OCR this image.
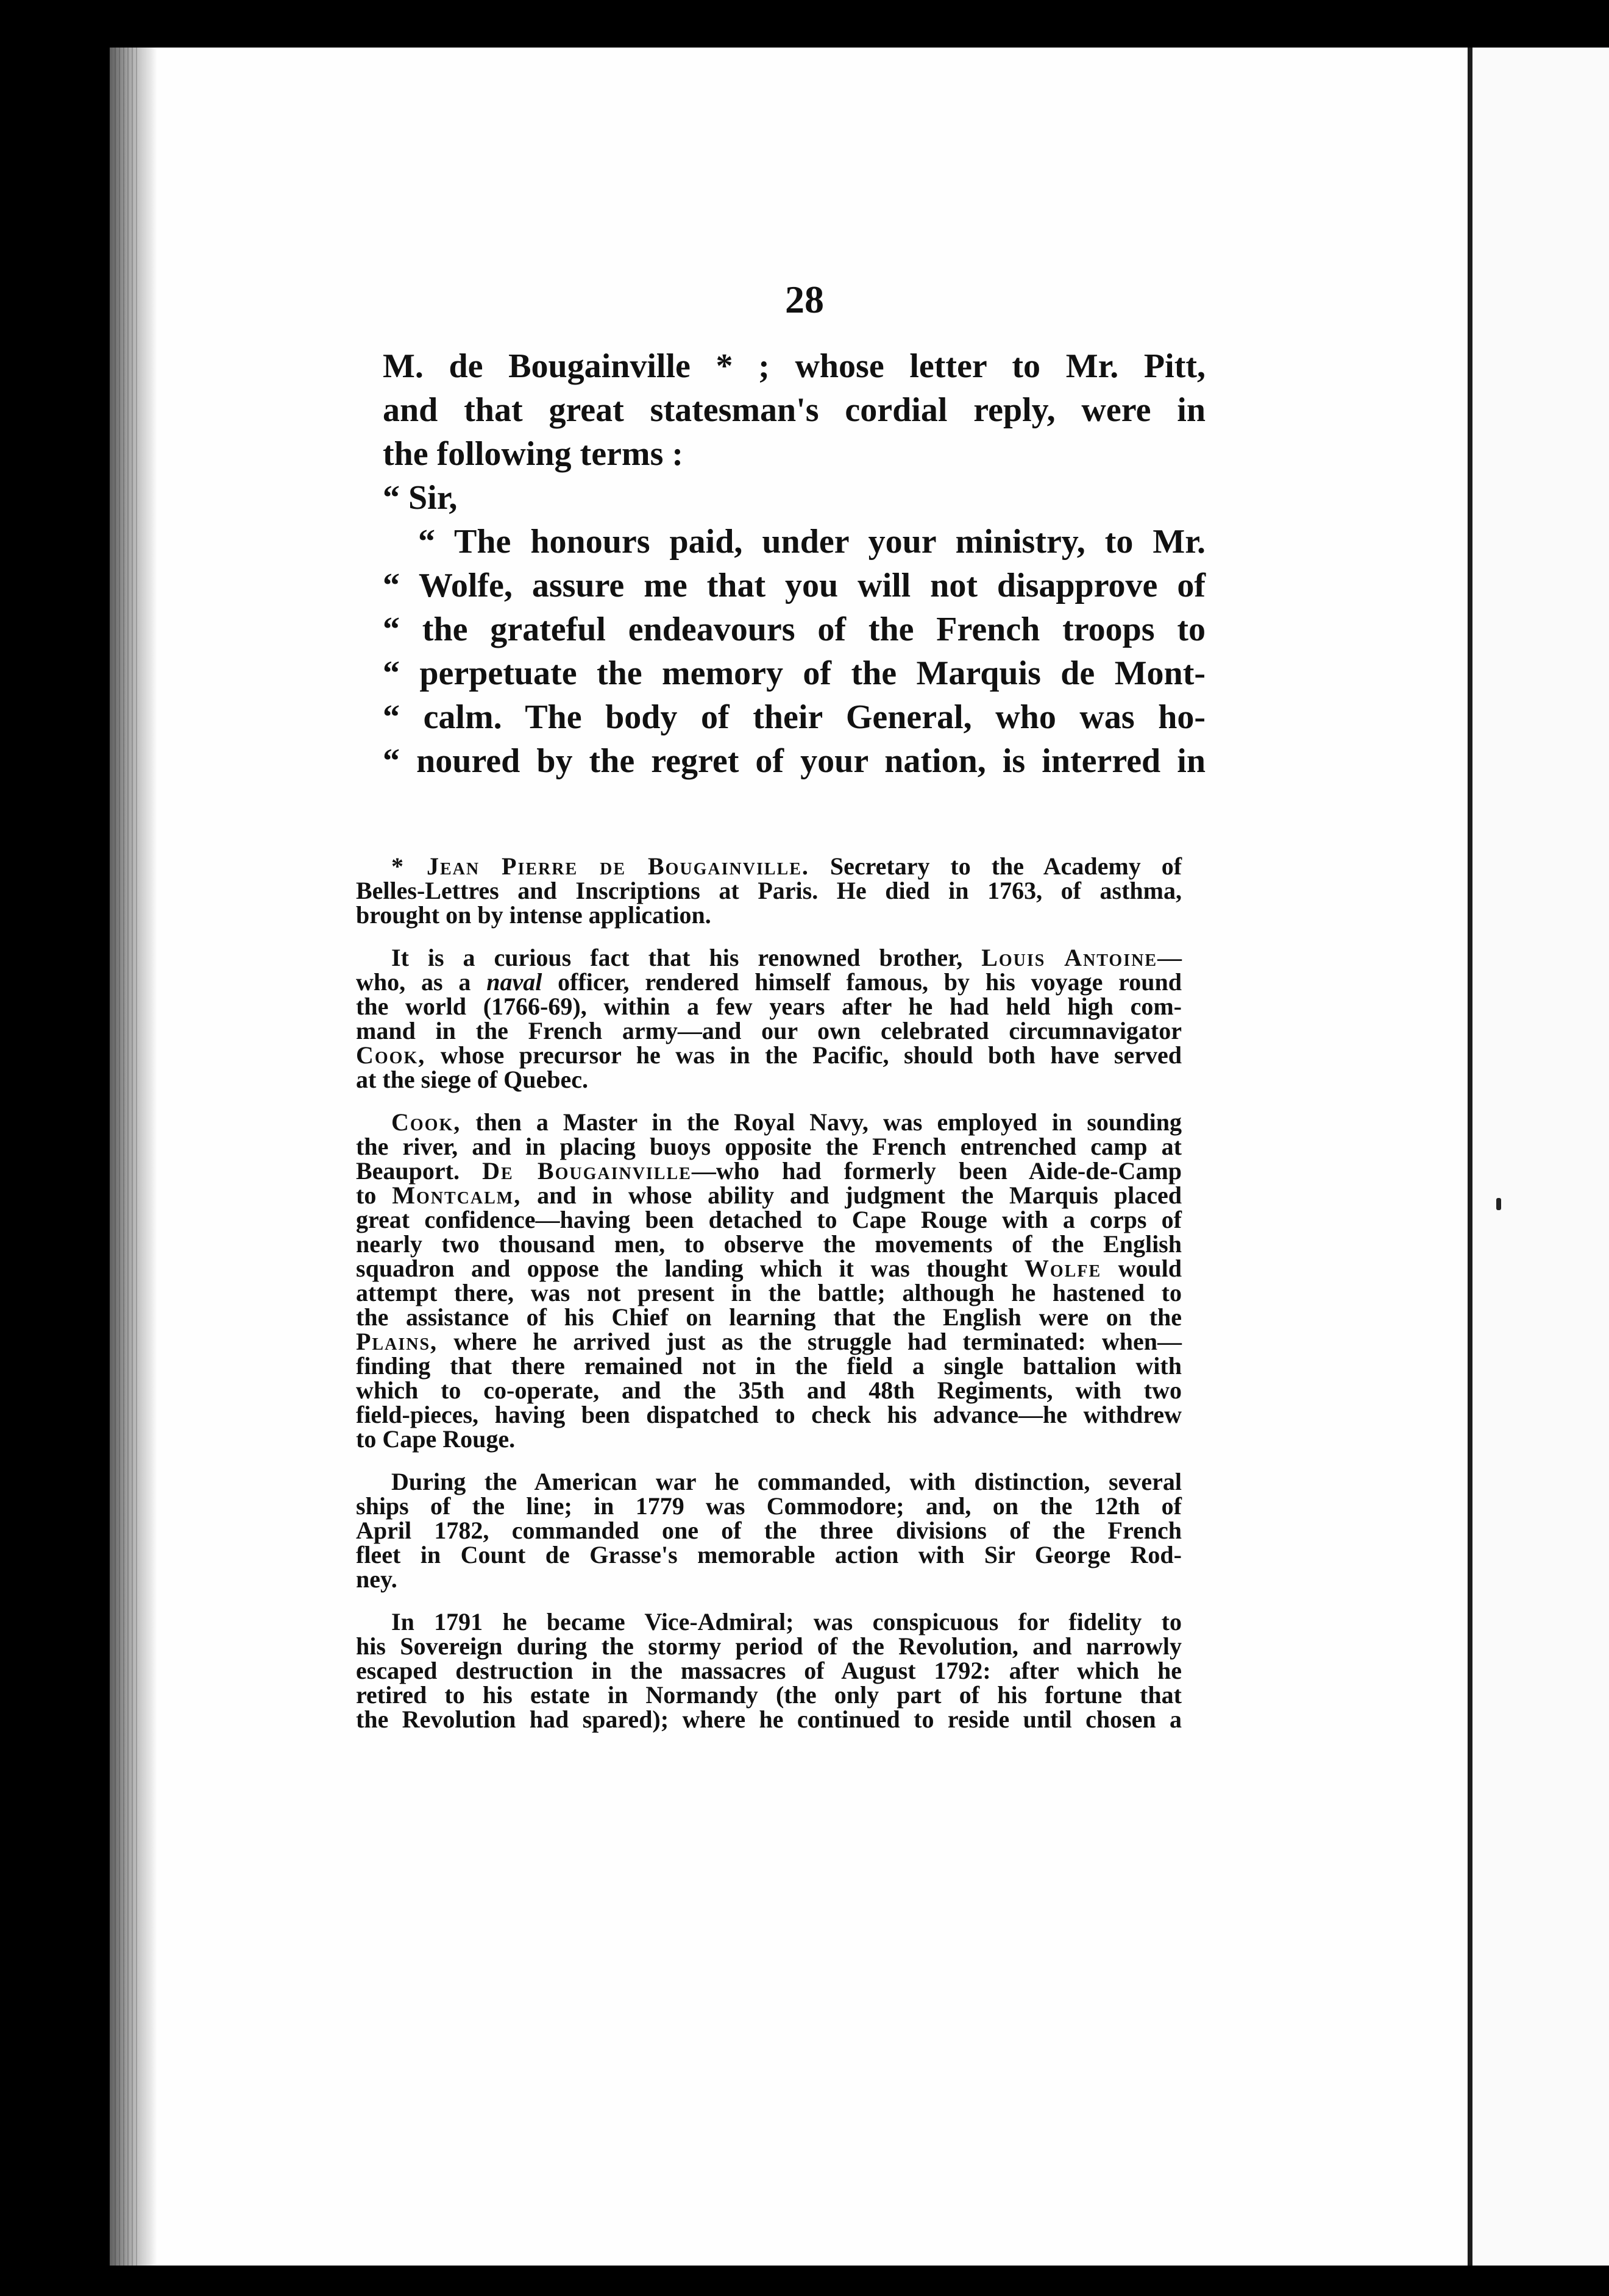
28
M. de Bougainville * ; whose letter to Mr. Pitt,
and that great statesman's cordial reply, were in
the following terms :
“ Sir,
“ The honours paid, under your ministry, to Mr.
“ Wolfe, assure me that you will not disapprove of
“ the grateful endeavours of the French troops to
“ perpetuate the memory of the Marquis de Mont-
“ calm. The body of their General, who was ho-
“ noured by the regret of your nation, is interred in
* Jean Pierre de Bougainville. Secretary to the Academy of
Belles-Lettres and Inscriptions at Paris. He died in 1763, of asthma,
brought on by intense application.
It is a curious fact that his renowned brother, Louis Antoine—
who, as a naval officer, rendered himself famous, by his voyage round
the world (1766-69), within a few years after he had held high com-
mand in the French army—and our own celebrated circumnavigator
Cook, whose precursor he was in the Pacific, should both have served
at the siege of Quebec.
Cook, then a Master in the Royal Navy, was employed in sounding
the river, and in placing buoys opposite the French entrenched camp at
Beauport. De Bougainville—who had formerly been Aide-de-Camp
to Montcalm, and in whose ability and judgment the Marquis placed
great confidence—having been detached to Cape Rouge with a corps of
nearly two thousand men, to observe the movements of the English
squadron and oppose the landing which it was thought Wolfe would
attempt there, was not present in the battle; although he hastened to
the assistance of his Chief on learning that the English were on the
Plains, where he arrived just as the struggle had terminated: when—
finding that there remained not in the field a single battalion with
which to co-operate, and the 35th and 48th Regiments, with two
field-pieces, having been dispatched to check his advance—he withdrew
to Cape Rouge.
During the American war he commanded, with distinction, several
ships of the line; in 1779 was Commodore; and, on the 12th of
April 1782, commanded one of the three divisions of the French
fleet in Count de Grasse's memorable action with Sir George Rod-
ney.
In 1791 he became Vice-Admiral; was conspicuous for fidelity to
his Sovereign during the stormy period of the Revolution, and narrowly
escaped destruction in the massacres of August 1792: after which he
retired to his estate in Normandy (the only part of his fortune that
the Revolution had spared); where he continued to reside until chosen a
